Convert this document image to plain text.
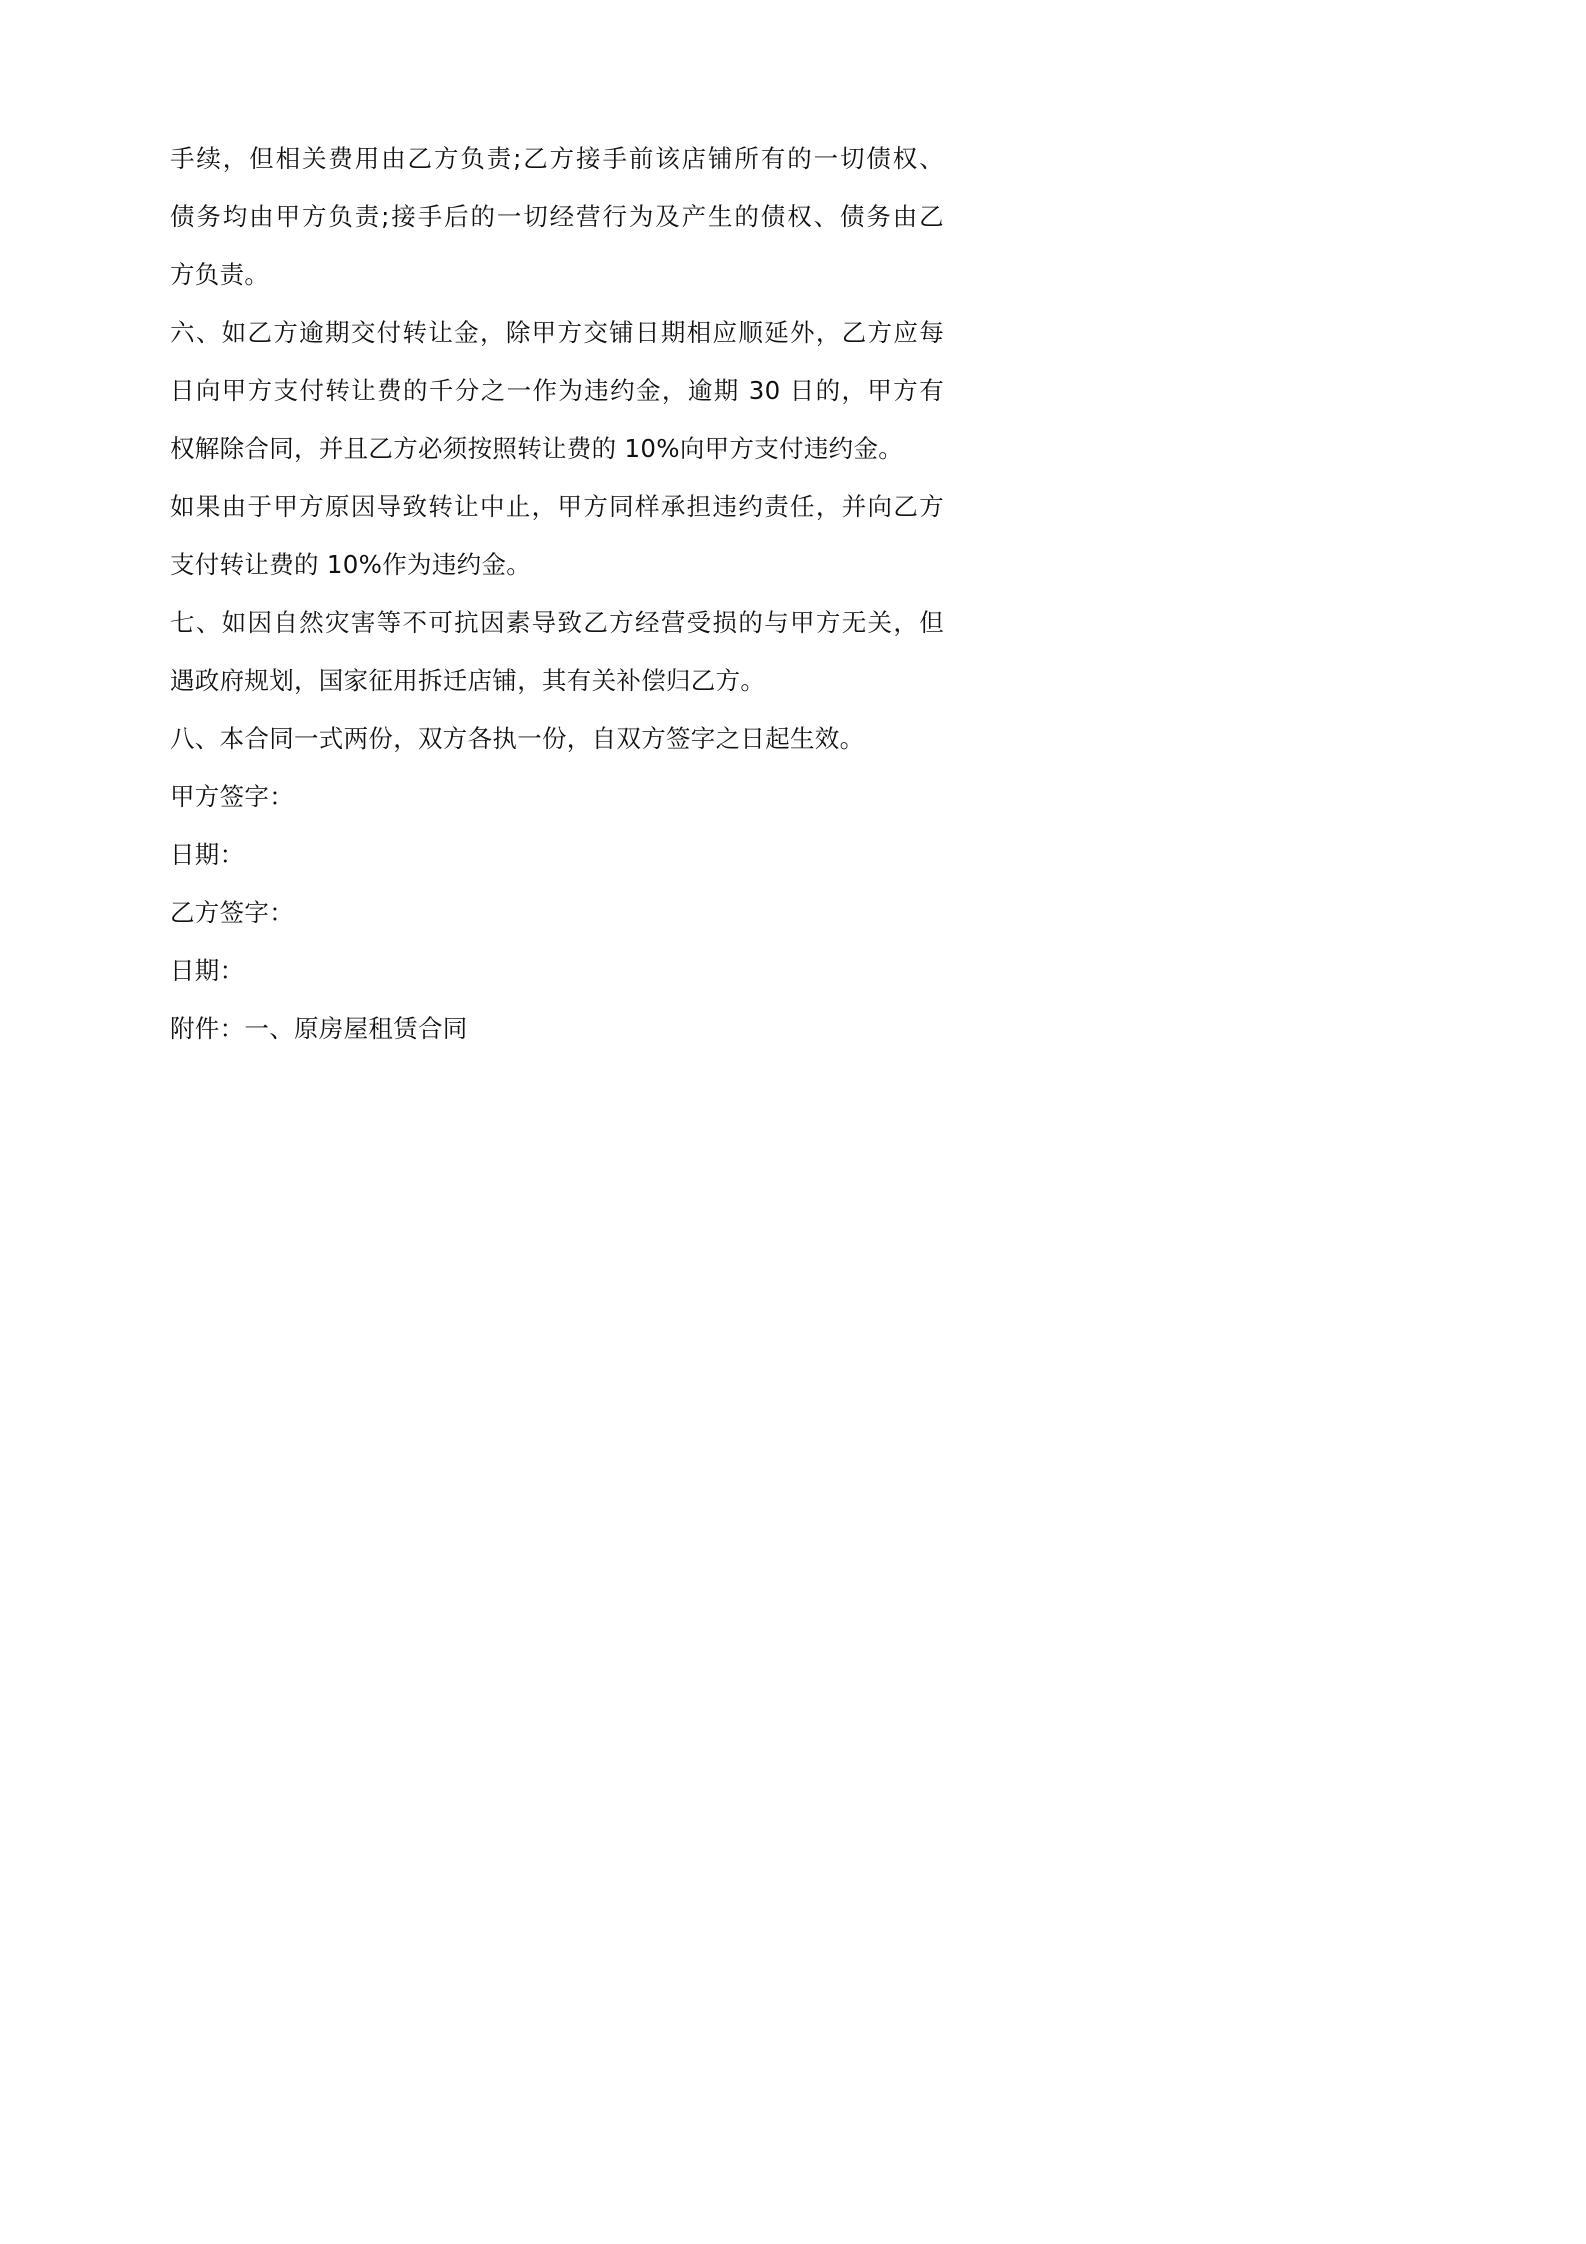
手续，但相关费用由乙方负责;乙方接手前该店铺所有的一切债权、
债务均由甲方负责;接手后的一切经营行为及产生的债权、债务由乙
方负责。
六、如乙方逾期交付转让金，除甲方交铺日期相应顺延外，乙方应每
日向甲方支付转让费的千分之一作为违约金，逾期 30 日的，甲方有
权解除合同，并且乙方必须按照转让费的 10%向甲方支付违约金。
如果由于甲方原因导致转让中止，甲方同样承担违约责任，并向乙方
支付转让费的 10%作为违约金。
七、如因自然灾害等不可抗因素导致乙方经营受损的与甲方无关，但
遇政府规划，国家征用拆迁店铺，其有关补偿归乙方。
八、本合同一式两份，双方各执一份，自双方签字之日起生效。
甲方签字：
日期：
乙方签字：
日期：
附件：一、原房屋租赁合同
